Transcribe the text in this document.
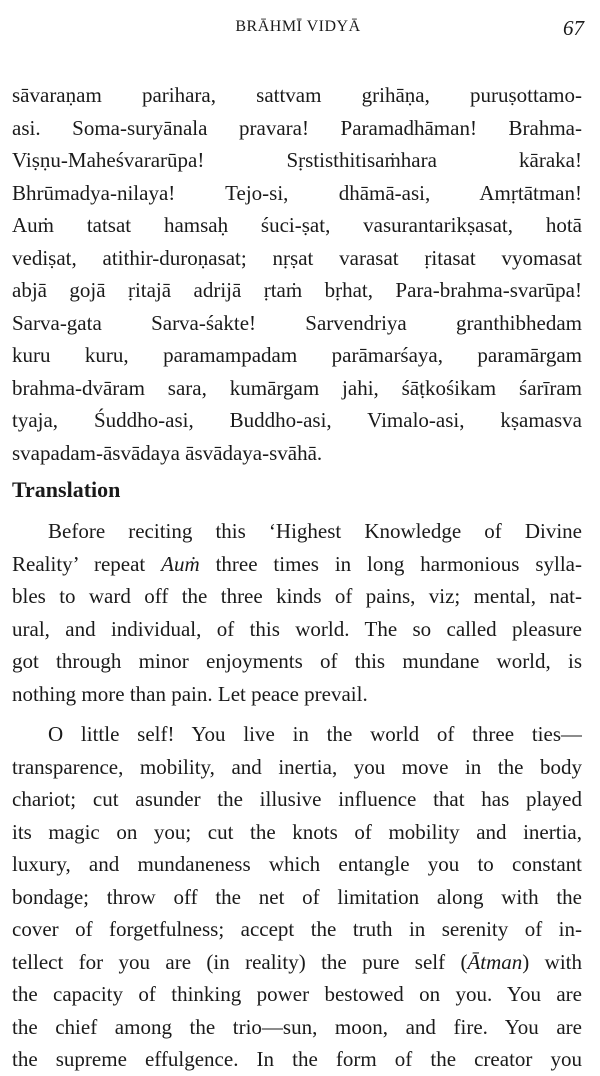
BRĀHMĪ VIDYĀ	67
sāvaraṇam parihara, sattvam grihāṇa, puruṣottamo-
asi. Soma-suryānala pravara! Paramadhāman! Brahma-
Viṣṇu-Maheśvararūpa! Sṛstisthitisaṁhara kāraka!
Bhrūmadya-nilaya! Tejo-si, dhāmā-asi, Amṛtātman!
Auṁ tatsat hamsaḥ śuci-ṣat, vasurantarikṣasat, hotā
vediṣat, atithir-duroṇasat; nṛṣat varasat ṛitasat vyomasat
abjā gojā ṛitajā adrijā ṛtaṁ bṛhat, Para-brahma-svarūpa!
Sarva-gata Sarva-śakte! Sarvendriya granthibhedam
kuru kuru, paramampadam parāmarśaya, paramārgam
brahma-dvāram sara, kumārgam jahi, śāṭkośikam śarīram
tyaja, Śuddho-asi, Buddho-asi, Vimalo-asi, kṣamasva
svapadam-āsvādaya āsvādaya-svāhā.
Translation
Before reciting this ‘Highest Knowledge of Divine
Reality’ repeat Auṁ three times in long harmonious sylla-
bles to ward off the three kinds of pains, viz; mental, nat-
ural, and individual, of this world. The so called pleasure
got through minor enjoyments of this mundane world, is
nothing more than pain. Let peace prevail.
O little self! You live in the world of three ties—
transparence, mobility, and inertia, you move in the body
chariot; cut asunder the illusive influence that has played
its magic on you; cut the knots of mobility and inertia,
luxury, and mundaneness which entangle you to constant
bondage; throw off the net of limitation along with the
cover of forgetfulness; accept the truth in serenity of in-
tellect for you are (in reality) the pure self (Ātman) with
the capacity of thinking power bestowed on you. You are
the chief among the trio—sun, moon, and fire. You are
the supreme effulgence. In the form of the creator you
